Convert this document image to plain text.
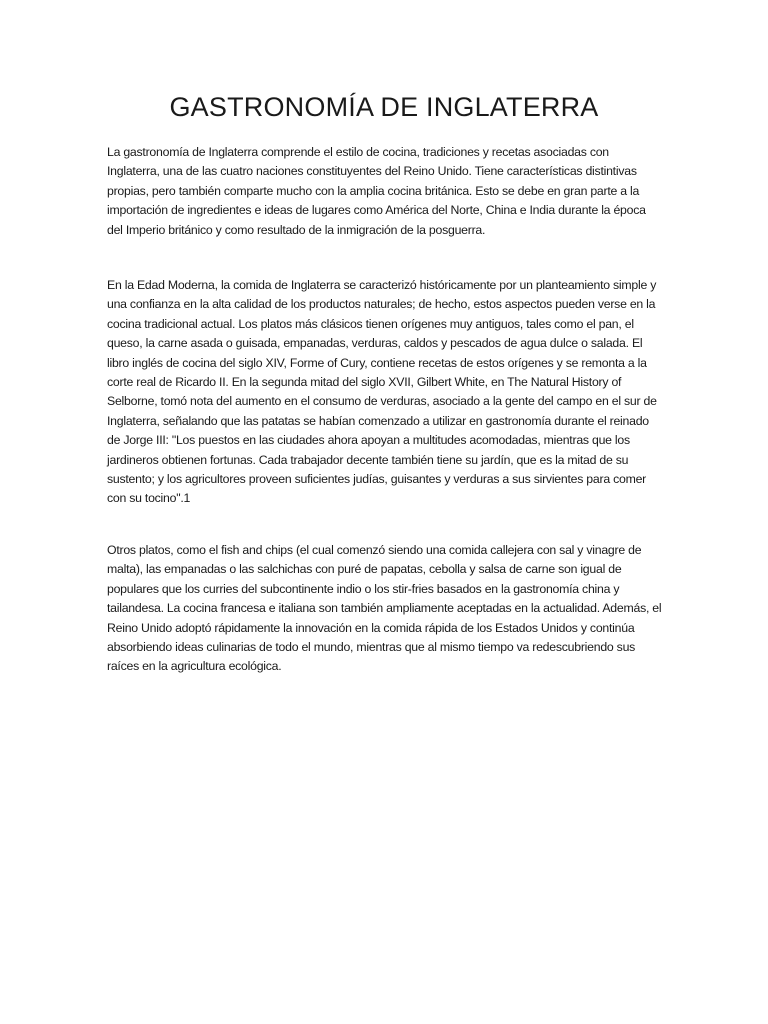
GASTRONOMÍA DE INGLATERRA

La gastronomía de Inglaterra comprende el estilo de cocina, tradiciones y recetas asociadas con Inglaterra, una de las cuatro naciones constituyentes del Reino Unido. Tiene características distintivas propias, pero también comparte mucho con la amplia cocina británica. Esto se debe en gran parte a la importación de ingredientes e ideas de lugares como América del Norte, China e India durante la época del Imperio británico y como resultado de la inmigración de la posguerra.

En la Edad Moderna, la comida de Inglaterra se caracterizó históricamente por un planteamiento simple y una confianza en la alta calidad de los productos naturales; de hecho, estos aspectos pueden verse en la cocina tradicional actual. Los platos más clásicos tienen orígenes muy antiguos, tales como el pan, el queso, la carne asada o guisada, empanadas, verduras, caldos y pescados de agua dulce o salada. El libro inglés de cocina del siglo XIV, Forme of Cury, contiene recetas de estos orígenes y se remonta a la corte real de Ricardo II. En la segunda mitad del siglo XVII, Gilbert White, en The Natural History of Selborne, tomó nota del aumento en el consumo de verduras, asociado a la gente del campo en el sur de Inglaterra, señalando que las patatas se habían comenzado a utilizar en gastronomía durante el reinado de Jorge III: "Los puestos en las ciudades ahora apoyan a multitudes acomodadas, mientras que los jardineros obtienen fortunas. Cada trabajador decente también tiene su jardín, que es la mitad de su sustento; y los agricultores proveen suficientes judías, guisantes y verduras a sus sirvientes para comer con su tocino".1

Otros platos, como el fish and chips (el cual comenzó siendo una comida callejera con sal y vinagre de malta), las empanadas o las salchichas con puré de papatas, cebolla y salsa de carne son igual de populares que los curries del subcontinente indio o los stir-fries basados en la gastronomía china y tailandesa. La cocina francesa e italiana son también ampliamente aceptadas en la actualidad. Además, el Reino Unido adoptó rápidamente la innovación en la comida rápida de los Estados Unidos y continúa absorbiendo ideas culinarias de todo el mundo, mientras que al mismo tiempo va redescubriendo sus raíces en la agricultura ecológica.
